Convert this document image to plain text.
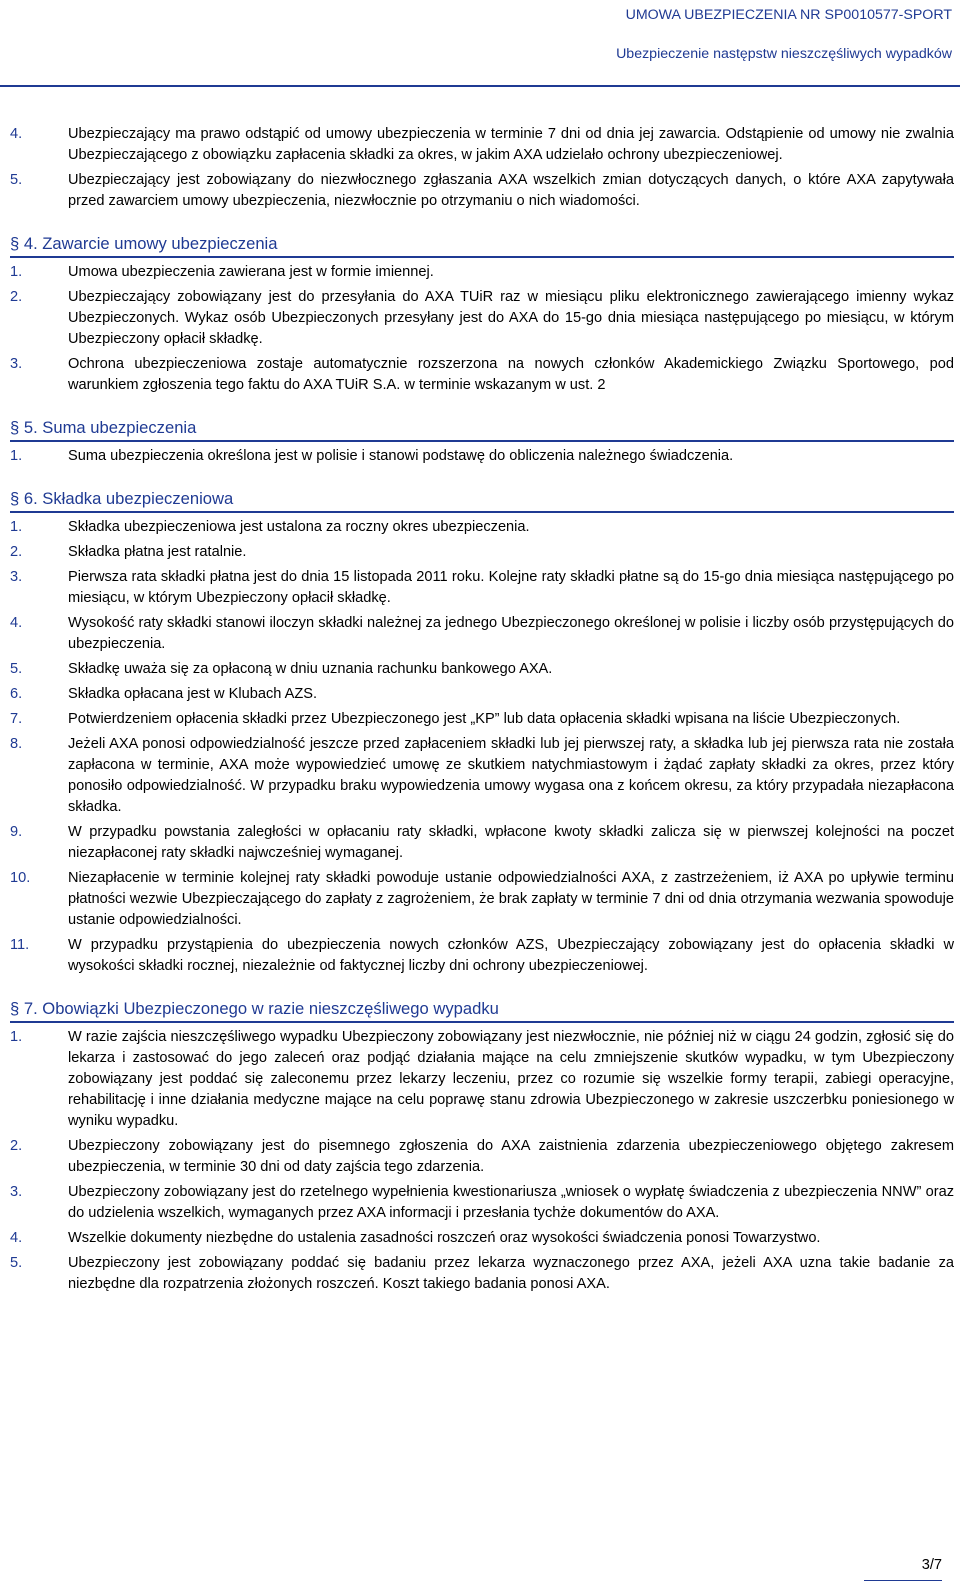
UMOWA UBEZPIECZENIA NR SP0010577-SPORT
Ubezpieczenie następstw nieszczęśliwych wypadków
4.	Ubezpieczający ma prawo odstąpić od umowy ubezpieczenia w terminie 7 dni od dnia jej zawarcia. Odstąpienie od umowy nie zwalnia Ubezpieczającego z obowiązku zapłacenia składki za okres, w jakim AXA udzielało ochrony ubezpieczeniowej.
5.	Ubezpieczający jest zobowiązany do niezwłocznego zgłaszania AXA wszelkich zmian dotyczących danych, o które AXA zapytywała przed zawarciem umowy ubezpieczenia, niezwłocznie po otrzymaniu o nich wiadomości.
§ 4. Zawarcie umowy ubezpieczenia
1.	Umowa ubezpieczenia zawierana jest w formie imiennej.
2.	Ubezpieczający zobowiązany jest do przesyłania do AXA TUiR raz w miesiącu pliku elektronicznego zawierającego imienny wykaz Ubezpieczonych. Wykaz osób Ubezpieczonych przesyłany jest do AXA do 15-go dnia miesiąca następującego po miesiącu, w którym Ubezpieczony opłacił składkę.
3.	Ochrona ubezpieczeniowa zostaje automatycznie rozszerzona na nowych członków Akademickiego Związku Sportowego, pod warunkiem zgłoszenia tego faktu do AXA TUiR S.A. w terminie wskazanym w ust. 2
§ 5. Suma ubezpieczenia
1.	Suma ubezpieczenia określona jest w polisie i stanowi podstawę do obliczenia należnego świadczenia.
§ 6. Składka ubezpieczeniowa
1.	Składka ubezpieczeniowa jest ustalona za roczny okres ubezpieczenia.
2.	Składka płatna jest ratalnie.
3.	Pierwsza rata składki płatna jest do dnia 15 listopada 2011 roku. Kolejne raty składki płatne są do 15-go dnia miesiąca następującego po miesiącu, w którym Ubezpieczony opłacił składkę.
4.	Wysokość raty składki stanowi iloczyn składki należnej za jednego Ubezpieczonego określonej w polisie i liczby osób przystępujących do ubezpieczenia.
5.	Składkę uważa się za opłaconą w dniu uznania rachunku bankowego AXA.
6.	Składka opłacana jest w Klubach AZS.
7.	Potwierdzeniem opłacenia składki przez Ubezpieczonego jest „KP” lub data opłacenia składki wpisana na liście Ubezpieczonych.
8.	Jeżeli AXA ponosi odpowiedzialność jeszcze przed zapłaceniem składki lub jej pierwszej raty, a składka lub jej pierwsza rata nie została zapłacona w terminie, AXA może wypowiedzieć umowę ze skutkiem natychmiastowym i żądać zapłaty składki za okres, przez który ponosiło odpowiedzialność. W przypadku braku wypowiedzenia umowy wygasa ona z końcem okresu, za który przypadała niezapłacona składka.
9.	W przypadku powstania zaległości w opłacaniu raty składki, wpłacone kwoty składki zalicza się w pierwszej kolejności na poczet niezapłaconej raty składki najwcześniej wymaganej.
10.	Niezapłacenie w terminie kolejnej raty składki powoduje ustanie odpowiedzialności AXA, z zastrzeżeniem, iż AXA po upływie terminu płatności wezwie Ubezpieczającego do zapłaty z zagrożeniem, że brak zapłaty w terminie 7 dni od dnia otrzymania wezwania spowoduje ustanie odpowiedzialności.
11.	W przypadku przystąpienia do ubezpieczenia nowych członków AZS, Ubezpieczający zobowiązany jest do opłacenia składki w wysokości składki rocznej, niezależnie od faktycznej liczby dni ochrony ubezpieczeniowej.
§ 7. Obowiązki Ubezpieczonego w razie nieszczęśliwego wypadku
1.	W razie zajścia nieszczęśliwego wypadku Ubezpieczony zobowiązany jest niezwłocznie, nie później niż w ciągu 24 godzin, zgłosić się do lekarza i zastosować do jego zaleceń oraz podjąć działania mające na celu zmniejszenie skutków wypadku, w tym Ubezpieczony zobowiązany jest poddać się zaleconemu przez lekarzy leczeniu, przez co rozumie się wszelkie formy terapii, zabiegi operacyjne, rehabilitację i inne działania medyczne mające na celu poprawę stanu zdrowia Ubezpieczonego w zakresie uszczerbku poniesionego w wyniku wypadku.
2.	Ubezpieczony zobowiązany jest do pisemnego zgłoszenia do AXA zaistnienia zdarzenia ubezpieczeniowego objętego zakresem ubezpieczenia, w terminie 30 dni od daty zajścia tego zdarzenia.
3.	Ubezpieczony zobowiązany jest do rzetelnego wypełnienia kwestionariusza „wniosek o wypłatę świadczenia z ubezpieczenia NNW” oraz do udzielenia wszelkich, wymaganych przez AXA informacji i przesłania tychże dokumentów do AXA.
4.	Wszelkie dokumenty niezbędne do ustalenia zasadności roszczeń oraz wysokości świadczenia ponosi Towarzystwo.
5.	Ubezpieczony jest zobowiązany poddać się badaniu przez lekarza wyznaczonego przez AXA, jeżeli AXA uzna takie badanie za niezbędne dla rozpatrzenia złożonych roszczeń. Koszt takiego badania ponosi AXA.
3/7
